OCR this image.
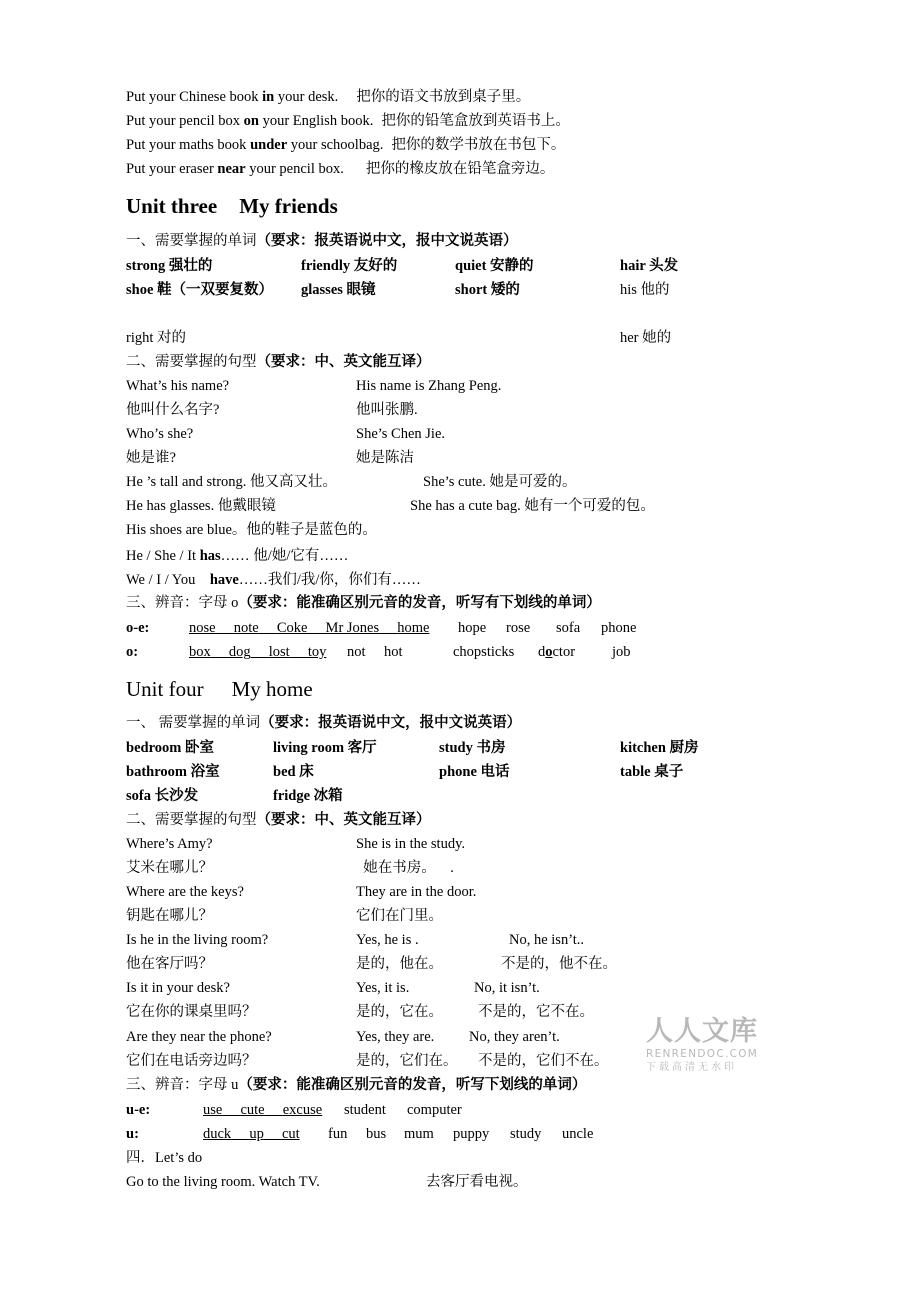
Put your Chinese book in your desk. 把你的语文书放到桌子里。
Put your pencil box on your English book. 把你的铅笔盒放到英语书上。
Put your maths book under your schoolbag. 把你的数学书放在书包下。
Put your eraser near your pencil box. 把你的橡皮放在铅笔盒旁边。
Unit three My friends
一、需要掌握的单词（要求：报英语说中文，报中文说英语）
strong 强壮的	friendly 友好的	quiet 安静的	hair 头发
shoe 鞋（一双要复数） glasses 眼镜	short 矮的	his 他的
right 对的	her 她的
二、需要掌握的句型（要求：中、英文能互译）
What’s his name?	His name is Zhang Peng.
他叫什么名字?	他叫张鹏.
Who’s she?	She’s Chen Jie.
她是谁?	她是陈洁
He ’s tall and strong. 他又高又壮。	She’s cute. 她是可爱的。
He has glasses. 他戴眼镜	She has a cute bag. 她有一个可爱的包。
His shoes are blue。他的鞋子是蓝色的。
He / She / It has…… 他/她/它有……
We / I / You    have……我们/我/你，你们有……
三、辨音：字母 o（要求：能准确区别元音的发音，听写有下划线的单词）
o-e:	nose note Coke Mr Jones home hope rose sofa phone
o:	box dog lost toy not hot	chopsticks doctor	job
Unit four My home
一、 需要掌握的单词（要求：报英语说中文，报中文说英语）
bedroom 卧室	living room 客厅	study 书房	kitchen 厨房
bathroom 浴室	bed 床	phone 电话	table 桌子
sofa 长沙发	fridge 冰箱
二、需要掌握的句型（要求：中、英文能互译）
Where’s Amy?	She is in the study.
艾米在哪儿？	她在书房。    .
Where are the keys?	They are in the door.
钥匙在哪儿？	它们在门里。
Is he in the living room?	Yes, he is .	No, he isn’t..
他在客厅吗？	是的，他在。	不是的，他不在。
Is it in your desk?	Yes, it is.	No, it isn’t.
它在你的课桌里吗？	是的，它在。 不是的，它不在。
Are they near the phone?	Yes, they are. No, they aren’t.
它们在电话旁边吗？	是的，它们在。 不是的，它们不在。
三、辨音：字母 u（要求：能准确区别元音的发音，听写下划线的单词）
u-e:	use cute excuse student computer
u:	duck up cut fun bus mum puppy study uncle
四．Let’s do
Go to the living room. Watch TV.	去客厅看电视。
人人文库
RENRENDOC.COM
下载高清无水印
